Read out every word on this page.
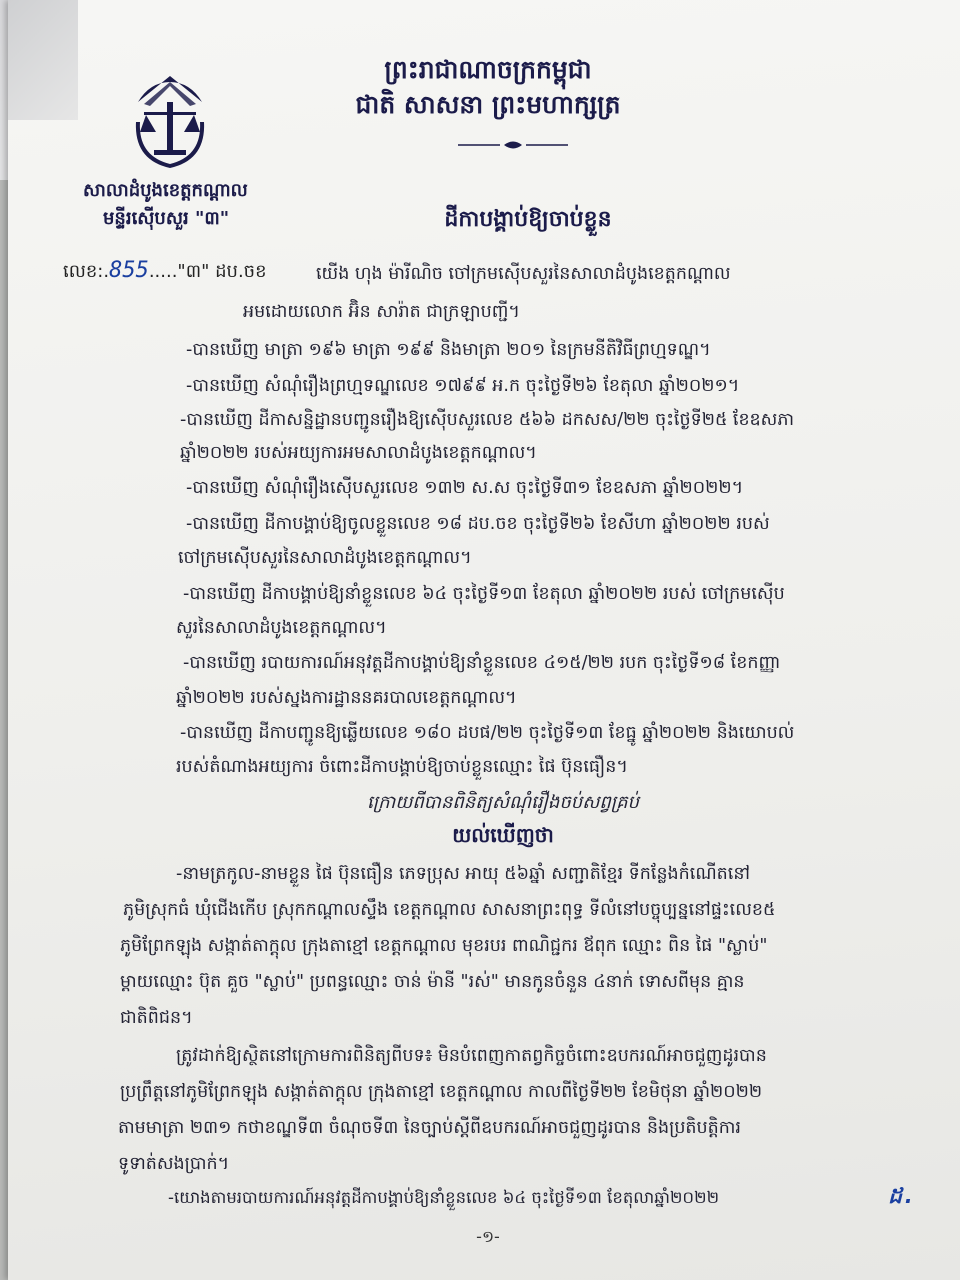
ព្រះរាជាណាចក្រកម្ពុជា
ជាតិ សាសនា ព្រះមហាក្សត្រ
សាលាដំបូងខេត្តកណ្ដាល
មន្ទីរស៊ើបសួរ "៣"	ដីកាបង្គាប់ឱ្យចាប់ខ្លួន
លេខ:.855....."៣" ដប.ចខ	យើង ហុង ម៉ារីណិច ចៅក្រមស៊ើបសួរនៃសាលាដំបូងខេត្តកណ្ដាល
អមដោយលោក អ៊ិន សារ៉ាត ជាក្រឡាបញ្ជី។
-បានឃើញ មាត្រា ១៩៦ មាត្រា ១៩៩ និងមាត្រា ២០១ នៃក្រមនីតិវិធីព្រហ្មទណ្ឌ។
-បានឃើញ សំណុំរឿងព្រហ្មទណ្ឌលេខ ១៧៩៩ អ.ក ចុះថ្ងៃទី២៦ ខែតុលា ឆ្នាំ២០២១។
-បានឃើញ ដីកាសន្និដ្ឋានបញ្ជូនរឿងឱ្យស៊ើបសួរលេខ ៥៦៦ ដកសស/២២ ចុះថ្ងៃទី២៥ ខែឧសភា
ឆ្នាំ២០២២ របស់អយ្យការអមសាលាដំបូងខេត្តកណ្ដាល។
-បានឃើញ សំណុំរឿងស៊ើបសួរលេខ ១៣២ ស.ស ចុះថ្ងៃទី៣១ ខែឧសភា ឆ្នាំ២០២២។
-បានឃើញ ដីកាបង្គាប់ឱ្យចូលខ្លួនលេខ ១៨ ដប.ចខ ចុះថ្ងៃទី២៦ ខែសីហា ឆ្នាំ២០២២ របស់
ចៅក្រមស៊ើបសួរនៃសាលាដំបូងខេត្តកណ្ដាល។
-បានឃើញ ដីកាបង្គាប់ឱ្យនាំខ្លួនលេខ ៦៤ ចុះថ្ងៃទី១៣ ខែតុលា ឆ្នាំ២០២២ របស់ ចៅក្រមស៊ើប
សួរនៃសាលាដំបូងខេត្តកណ្ដាល។
-បានឃើញ របាយការណ៍អនុវត្តដីកាបង្គាប់ឱ្យនាំខ្លួនលេខ ៤១៥/២២ របក ចុះថ្ងៃទី១៨ ខែកញ្ញា
ឆ្នាំ២០២២ របស់ស្នងការដ្ឋាននគរបាលខេត្តកណ្ដាល។
-បានឃើញ ដីកាបញ្ជូនឱ្យឆ្លើយលេខ ១៨០ ដបផ/២២ ចុះថ្ងៃទី១៣ ខែធ្នូ ឆ្នាំ២០២២ និងយោបល់
របស់តំណាងអយ្យការ ចំពោះដីកាបង្គាប់ឱ្យចាប់ខ្លួនឈ្មោះ ផៃ ប៊ុនធឿន។
ក្រោយពីបានពិនិត្យសំណុំរឿងចប់សព្វគ្រប់
យល់ឃើញថា
-នាមត្រកូល-នាមខ្លួន ផៃ ប៊ុនធឿន ភេទប្រុស អាយុ ៥៦ឆ្នាំ សញ្ជាតិខ្មែរ ទីកន្លែងកំណើតនៅ
ភូមិស្រុកធំ ឃុំជើងកើប ស្រុកកណ្ដាលស្ទឹង ខេត្តកណ្ដាល សាសនាព្រះពុទ្ធ ទីលំនៅបច្ចុប្បន្ននៅផ្ទះលេខ៥
ភូមិព្រែកឡុង សង្កាត់តាក្ដុល ក្រុងតាខ្មៅ ខេត្តកណ្ដាល មុខរបរ ពាណិជ្ជករ ឪពុក ឈ្មោះ ពិន ផៃ "ស្លាប់"
ម្ដាយឈ្មោះ ប៊ុត គួច "ស្លាប់" ប្រពន្ធឈ្មោះ ចាន់ ម៉ានី "រស់" មានកូនចំនួន ៤នាក់ ទោសពីមុន គ្មាន
ជាតិពិជន។
ត្រូវដាក់ឱ្យស្ថិតនៅក្រោមការពិនិត្យពីបទ៖ មិនបំពេញកាតព្វកិច្ចចំពោះឧបករណ៍អាចជួញដូរបាន
ប្រព្រឹត្តនៅភូមិព្រែកឡុង សង្កាត់តាក្ដុល ក្រុងតាខ្មៅ ខេត្តកណ្ដាល កាលពីថ្ងៃទី២២ ខែមិថុនា ឆ្នាំ២០២២
តាមមាត្រា ២៣១ កថាខណ្ឌទី៣ ចំណុចទី៣ នៃច្បាប់ស្ដីពីឧបករណ៍អាចជួញដូរបាន និងប្រតិបត្តិការ
ទូទាត់សងប្រាក់។
-យោងតាមរបាយការណ៍អនុវត្តដីកាបង្គាប់ឱ្យនាំខ្លួនលេខ ៦៤ ចុះថ្ងៃទី១៣ ខែតុលាឆ្នាំ២០២២	ដ.
-១-
